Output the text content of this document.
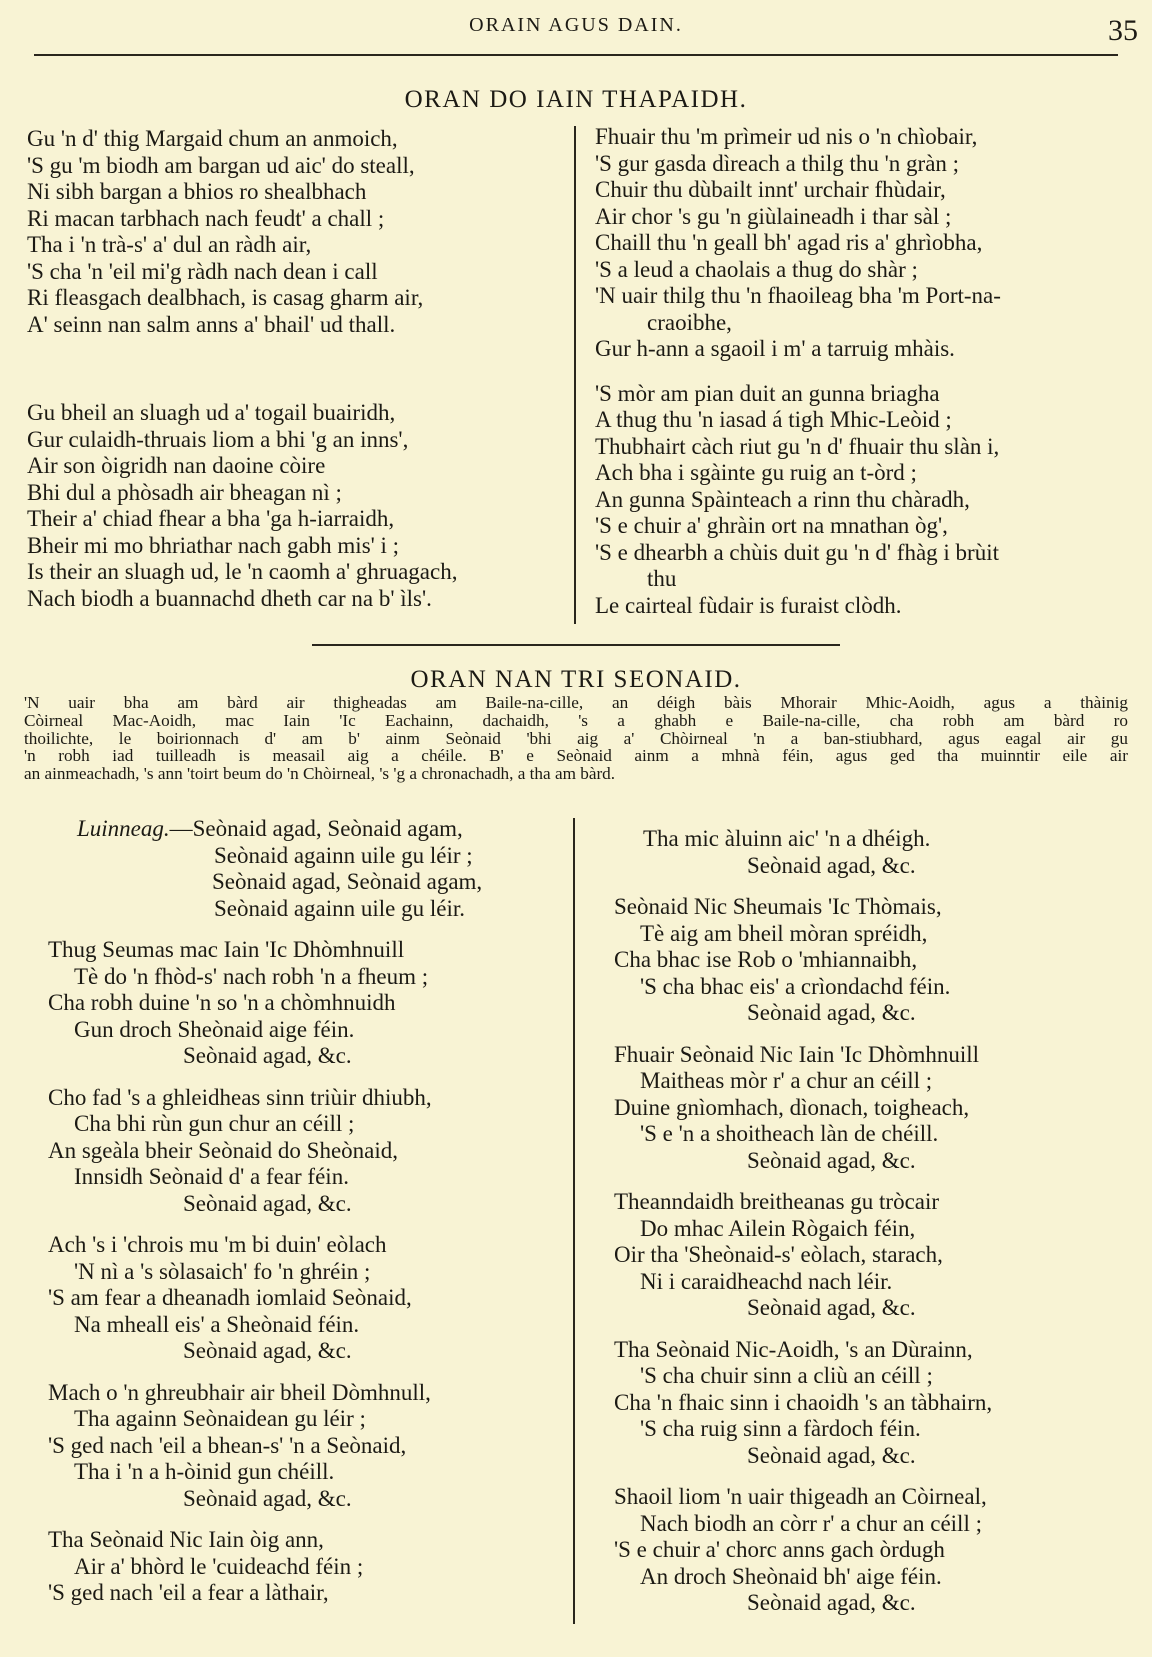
ORAIN AGUS DAIN.	35
ORAN DO IAIN THAPAIDH.
Gu 'n d' thig Margaid chum an anmoich,
'S gu 'm biodh am bargan ud aic' do steall,
Ni sibh bargan a bhios ro shealbhach
Ri macan tarbhach nach feudt' a chall ;
Tha i 'n trà-s' a' dul an ràdh air,
'S cha 'n 'eil mi'g ràdh nach dean i call
Ri fleasgach dealbhach, is casag gharm air,
A' seinn nan salm anns a' bhail' ud thall.
Gu bheil an sluagh ud a' togail buairidh,
Gur culaidh-thruais liom a bhi 'g an inns',
Air son òigridh nan daoine còire
Bhi dul a phòsadh air bheagan nì ;
Their a' chiad fhear a bha 'ga h-iarraidh,
Bheir mi mo bhriathar nach gabh mis' i ;
Is their an sluagh ud, le 'n caomh a' ghruagach,
Nach biodh a buannachd dheth car na b' ìls'.
Fhuair thu 'm prìmeir ud nis o 'n chìobair,
'S gur gasda dìreach a thilg thu 'n gràn ;
Chuir thu dùbailt innt' urchair fhùdair,
Air chor 's gu 'n giùlaineadh i thar sàl ;
Chaill thu 'n geall bh' agad ris a' ghrìobha,
'S a leud a chaolais a thug do shàr ;
'N uair thilg thu 'n fhaoileag bha 'm Port-na-
craoibhe,
Gur h-ann a sgaoil i m' a tarruig mhàis.
'S mòr am pian duit an gunna briagha
A thug thu 'n iasad á tigh Mhic-Leòid ;
Thubhairt càch riut gu 'n d' fhuair thu slàn i,
Ach bha i sgàinte gu ruig an t-òrd ;
An gunna Spàinteach a rinn thu chàradh,
'S e chuir a' ghràin ort na mnathan òg',
'S e dhearbh a chùis duit gu 'n d' fhàg i brùit
thu
Le cairteal fùdair is furaist clòdh.
ORAN NAN TRI SEONAID.
'N uair bha am bàrd air thigheadas am Baile-na-cille, an déigh bàis Mhorair Mhic-Aoidh, agus a thàinig
Còirneal Mac-Aoidh, mac Iain 'Ic Eachainn, dachaidh, 's a ghabh e Baile-na-cille, cha robh am bàrd ro
thoilichte, le boirionnach d' am b' ainm Seònaid 'bhi aig a' Chòirneal 'n a ban-stiubhard, agus eagal air gu
'n robh iad tuilleadh is measail aig a chéile. B' e Seònaid ainm a mhnà féin, agus ged tha muinntir eile air
an ainmeachadh, 's ann 'toirt beum do 'n Chòirneal, 's 'g a chronachadh, a tha am bàrd.
Luinneag.—Seònaid agad, Seònaid agam,
Seònaid againn uile gu léir ;
Seònaid agad, Seònaid agam,
Seònaid againn uile gu léir.
Thug Seumas mac Iain 'Ic Dhòmhnuill
Tè do 'n fhòd-s' nach robh 'n a fheum ;
Cha robh duine 'n so 'n a chòmhnuidh
Gun droch Sheònaid aige féin.
Seònaid agad, &c.
Cho fad 's a ghleidheas sinn triùir dhiubh,
Cha bhi rùn gun chur an céill ;
An sgeàla bheir Seònaid do Sheònaid,
Innsidh Seònaid d' a fear féin.
Seònaid agad, &c.
Ach 's i 'chrois mu 'm bi duin' eòlach
'N nì a 's sòlasaich' fo 'n ghréin ;
'S am fear a dheanadh iomlaid Seònaid,
Na mheall eis' a Sheònaid féin.
Seònaid agad, &c.
Mach o 'n ghreubhair air bheil Dòmhnull,
Tha againn Seònaidean gu léir ;
'S ged nach 'eil a bhean-s' 'n a Seònaid,
Tha i 'n a h-òinid gun chéill.
Seònaid agad, &c.
Tha Seònaid Nic Iain òig ann,
Air a' bhòrd le 'cuideachd féin ;
'S ged nach 'eil a fear a làthair,
Tha mic àluinn aic' 'n a dhéigh.
Seònaid agad, &c.
Seònaid Nic Sheumais 'Ic Thòmais,
Tè aig am bheil mòran spréidh,
Cha bhac ise Rob o 'mhiannaibh,
'S cha bhac eis' a crìondachd féin.
Seònaid agad, &c.
Fhuair Seònaid Nic Iain 'Ic Dhòmhnuill
Maitheas mòr r' a chur an céill ;
Duine gnìomhach, dìonach, toigheach,
'S e 'n a shoitheach làn de chéill.
Seònaid agad, &c.
Theanndaidh breitheanas gu tròcair
Do mhac Ailein Rògaich féin,
Oir tha 'Sheònaid-s' eòlach, starach,
Ni i caraidheachd nach léir.
Seònaid agad, &c.
Tha Seònaid Nic-Aoidh, 's an Dùrainn,
'S cha chuir sinn a cliù an céill ;
Cha 'n fhaic sinn i chaoidh 's an tàbhairn,
'S cha ruig sinn a fàrdoch féin.
Seònaid agad, &c.
Shaoil liom 'n uair thigeadh an Còirneal,
Nach biodh an còrr r' a chur an céill ;
'S e chuir a' chorc anns gach òrdugh
An droch Sheònaid bh' aige féin.
Seònaid agad, &c.
